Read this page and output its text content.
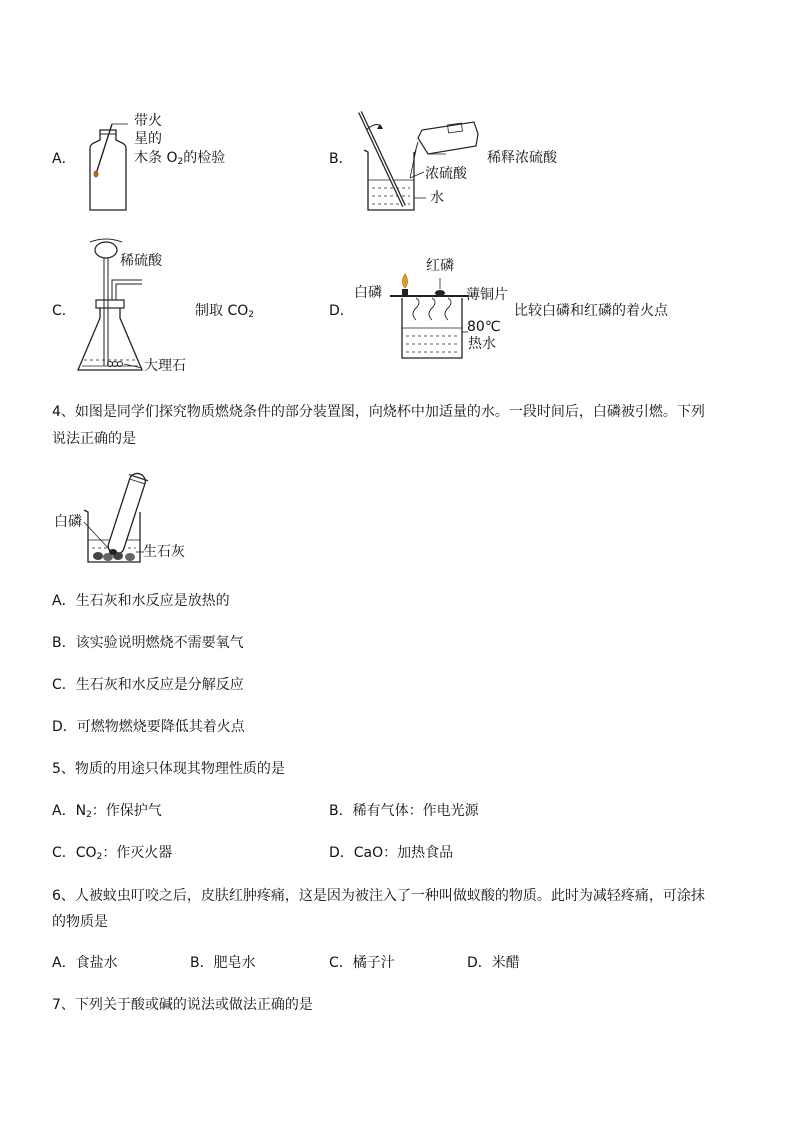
A．
带火
星的
木条 $O_2$的检验	B．	稀释浓硫酸
浓硫酸
水
C．
稀硫酸
大理石
制取 $CO_2$	D．
红磷
白磷	薄铜片
80℃
热水
比较白磷和红磷的着火点
4、如图是同学们探究物质燃烧条件的部分装置图，向烧杯中加适量的水。一段时间后，白磷被引燃。下列
说法正确的是
白磷
生石灰
A．生石灰和水反应是放热的
B．该实验说明燃烧不需要氧气
C．生石灰和水反应是分解反应
D．可燃物燃烧要降低其着火点
5、物质的用途只体现其物理性质的是
A．$N_2$：作保护气	B．稀有气体：作电光源
C．$CO_2$：作灭火器	D．CaO：加热食品
6、人被蚊虫叮咬之后，皮肤红肿疼痛，这是因为被注入了一种叫做蚁酸的物质。此时为减轻疼痛，可涂抹
的物质是
A．食盐水	B．肥皂水	C．橘子汁	D．米醋
7、下列关于酸或碱的说法或做法正确的是
